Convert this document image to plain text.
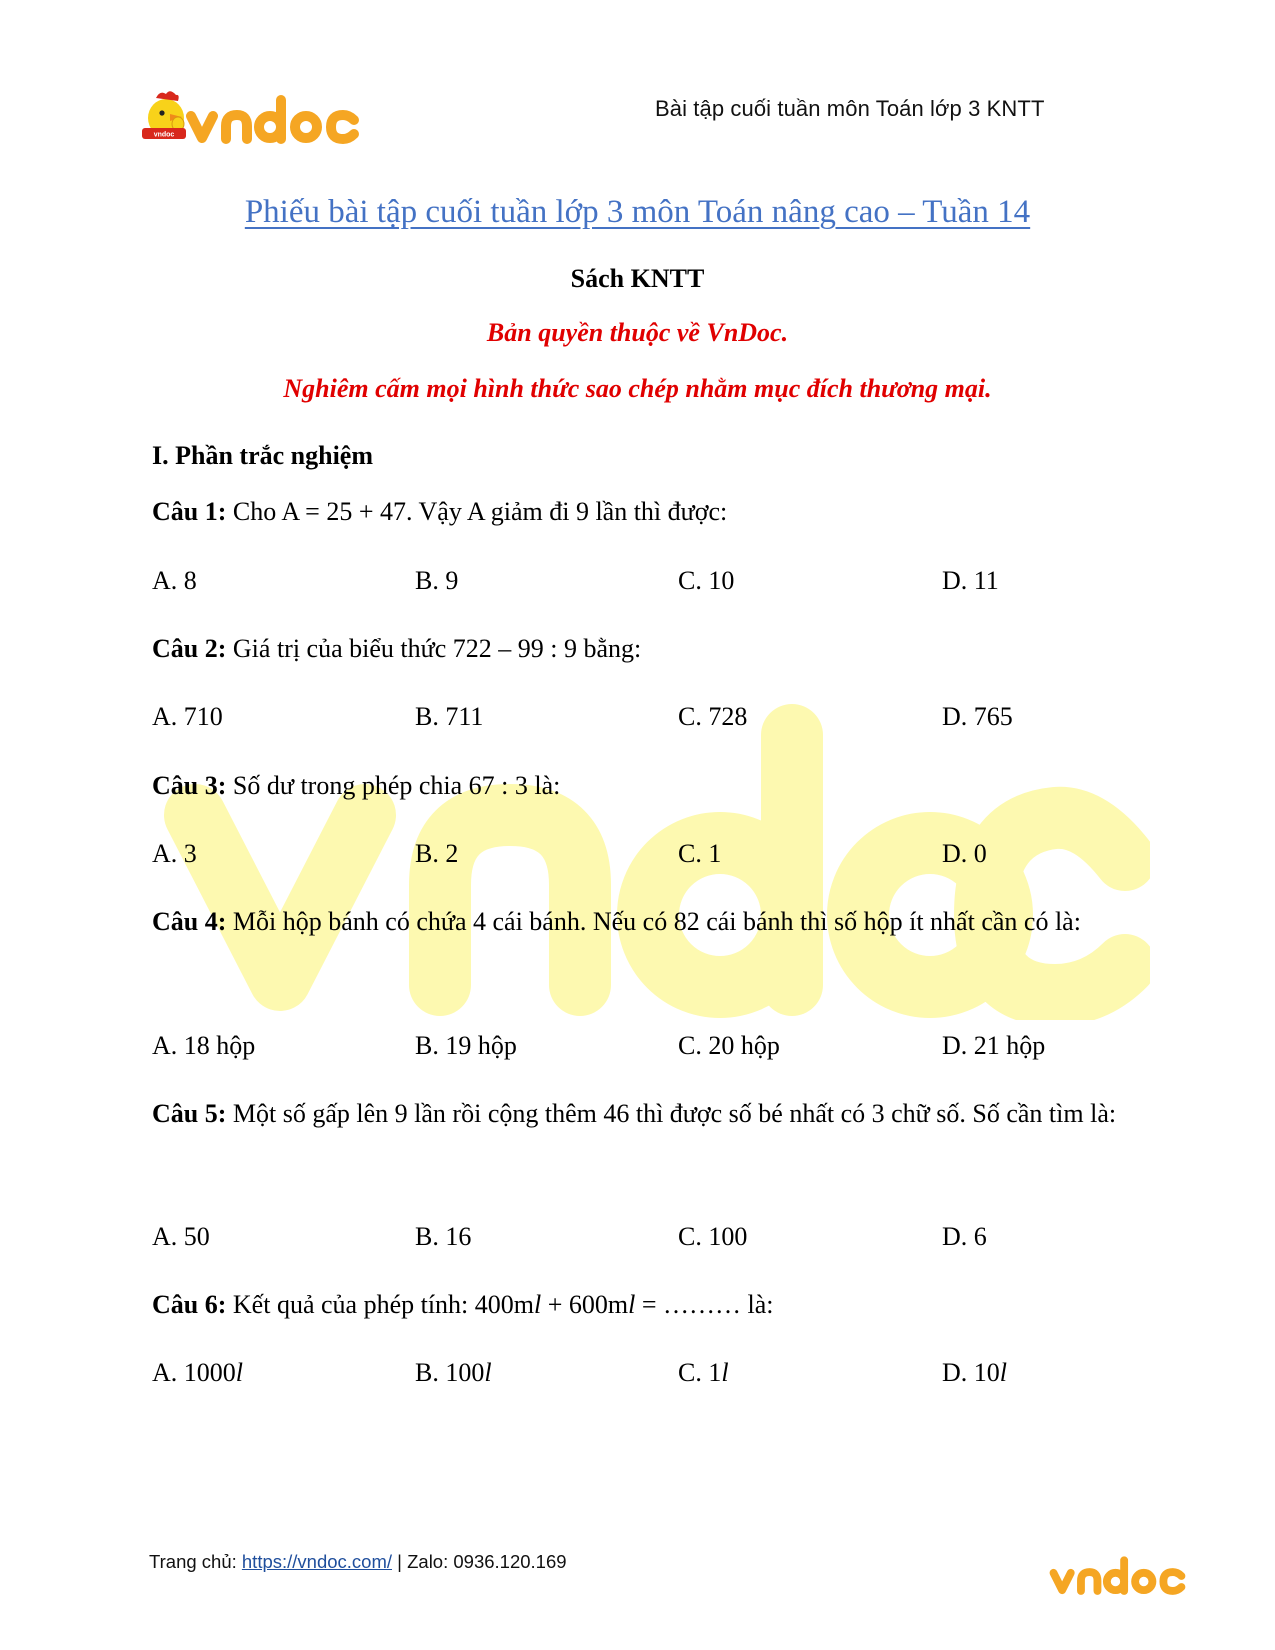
vndoc
Bài tập cuối tuần môn Toán lớp 3 KNTT
Phiếu bài tập cuối tuần lớp 3 môn Toán nâng cao – Tuần 14
Sách KNTT
Bản quyền thuộc về VnDoc.
Nghiêm cấm mọi hình thức sao chép nhằm mục đích thương mại.
I. Phần trắc nghiệm
Câu 1: Cho A = 25 + 47. Vậy A giảm đi 9 lần thì được:
A. 8	B. 9	C. 10	D. 11
Câu 2: Giá trị của biểu thức 722 – 99 : 9 bằng:
A. 710	B. 711	C. 728	D. 765
Câu 3: Số dư trong phép chia 67 : 3 là:
A. 3	B. 2	C. 1	D. 0
Câu 4: Mỗi hộp bánh có chứa 4 cái bánh. Nếu có 82 cái bánh thì số hộp ít nhất cần có là:
A. 18 hộp	B. 19 hộp	C. 20 hộp	D. 21 hộp
Câu 5: Một số gấp lên 9 lần rồi cộng thêm 46 thì được số bé nhất có 3 chữ số. Số cần tìm là:
A. 50	B. 16	C. 100	D. 6
Câu 6: Kết quả của phép tính: 400ml + 600ml = ……… là:
A. 1000l	B. 100l	C. 1l	D. 10l
Trang chủ: https://vndoc.com/ | Zalo: 0936.120.169
